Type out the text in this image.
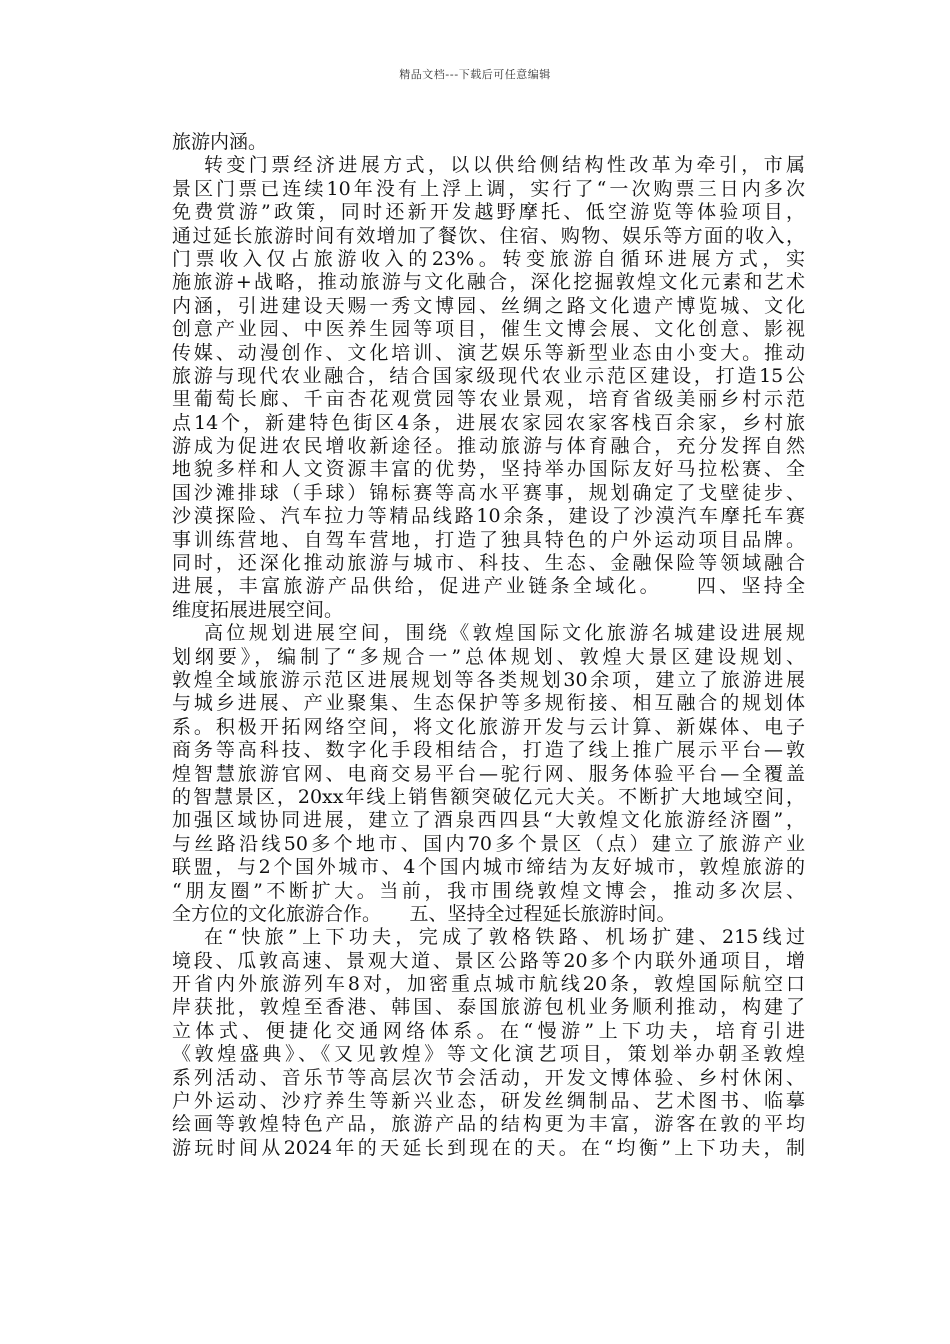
精品文档---下载后可任意编辑
旅游内涵。
转变门票经济进展方式，以以供给侧结构性改革为牵引，市属
景区门票已连续10年没有上浮上调，实行了“一次购票三日内多次
免费赏游”政策，同时还新开发越野摩托、低空游览等体验项目，
通过延长旅游时间有效增加了餐饮、住宿、购物、娱乐等方面的收入，
门票收入仅占旅游收入的23%。转变旅游自循环进展方式，实
施旅游+战略，推动旅游与文化融合，深化挖掘敦煌文化元素和艺术
内涵，引进建设天赐一秀文博园、丝绸之路文化遗产博览城、文化
创意产业园、中医养生园等项目，催生文博会展、文化创意、影视
传媒、动漫创作、文化培训、演艺娱乐等新型业态由小变大。推动
旅游与现代农业融合，结合国家级现代农业示范区建设，打造15公
里葡萄长廊、千亩杏花观赏园等农业景观，培育省级美丽乡村示范
点14个，新建特色街区4条，进展农家园农家客栈百余家，乡村旅
游成为促进农民增收新途径。推动旅游与体育融合，充分发挥自然
地貌多样和人文资源丰富的优势，坚持举办国际友好马拉松赛、全
国沙滩排球（手球）锦标赛等高水平赛事，规划确定了戈壁徒步、
沙漠探险、汽车拉力等精品线路10余条，建设了沙漠汽车摩托车赛
事训练营地、自驾车营地，打造了独具特色的户外运动项目品牌。
同时，还深化推动旅游与城市、科技、生态、金融保险等领域融合
进展，丰富旅游产品供给，促进产业链条全域化。　　四、坚持全
维度拓展进展空间。
高位规划进展空间，围绕《敦煌国际文化旅游名城建设进展规
划纲要》，编制了“多规合一”总体规划、敦煌大景区建设规划、
敦煌全域旅游示范区进展规划等各类规划30余项，建立了旅游进展
与城乡进展、产业聚集、生态保护等多规衔接、相互融合的规划体
系。积极开拓网络空间，将文化旅游开发与云计算、新媒体、电子
商务等高科技、数字化手段相结合，打造了线上推广展示平台—敦
煌智慧旅游官网、电商交易平台—驼行网、服务体验平台—全覆盖
的智慧景区，20xx年线上销售额突破亿元大关。不断扩大地域空间，
加强区域协同进展，建立了酒泉西四县“大敦煌文化旅游经济圈”，
与丝路沿线50多个地市、国内70多个景区（点）建立了旅游产业
联盟，与2个国外城市、4个国内城市缔结为友好城市，敦煌旅游的
“朋友圈”不断扩大。当前，我市围绕敦煌文博会，推动多次层、
全方位的文化旅游合作。　　五、坚持全过程延长旅游时间。
在“快旅”上下功夫，完成了敦格铁路、机场扩建、215线过
境段、瓜敦高速、景观大道、景区公路等20多个内联外通项目，增
开省内外旅游列车8对，加密重点城市航线20条，敦煌国际航空口
岸获批，敦煌至香港、韩国、泰国旅游包机业务顺利推动，构建了
立体式、便捷化交通网络体系。在“慢游”上下功夫，培育引进
《敦煌盛典》、《又见敦煌》等文化演艺项目，策划举办朝圣敦煌
系列活动、音乐节等高层次节会活动，开发文博体验、乡村休闲、
户外运动、沙疗养生等新兴业态，研发丝绸制品、艺术图书、临摹
绘画等敦煌特色产品，旅游产品的结构更为丰富，游客在敦的平均
游玩时间从2024年的天延长到现在的天。在“均衡”上下功夫，制
